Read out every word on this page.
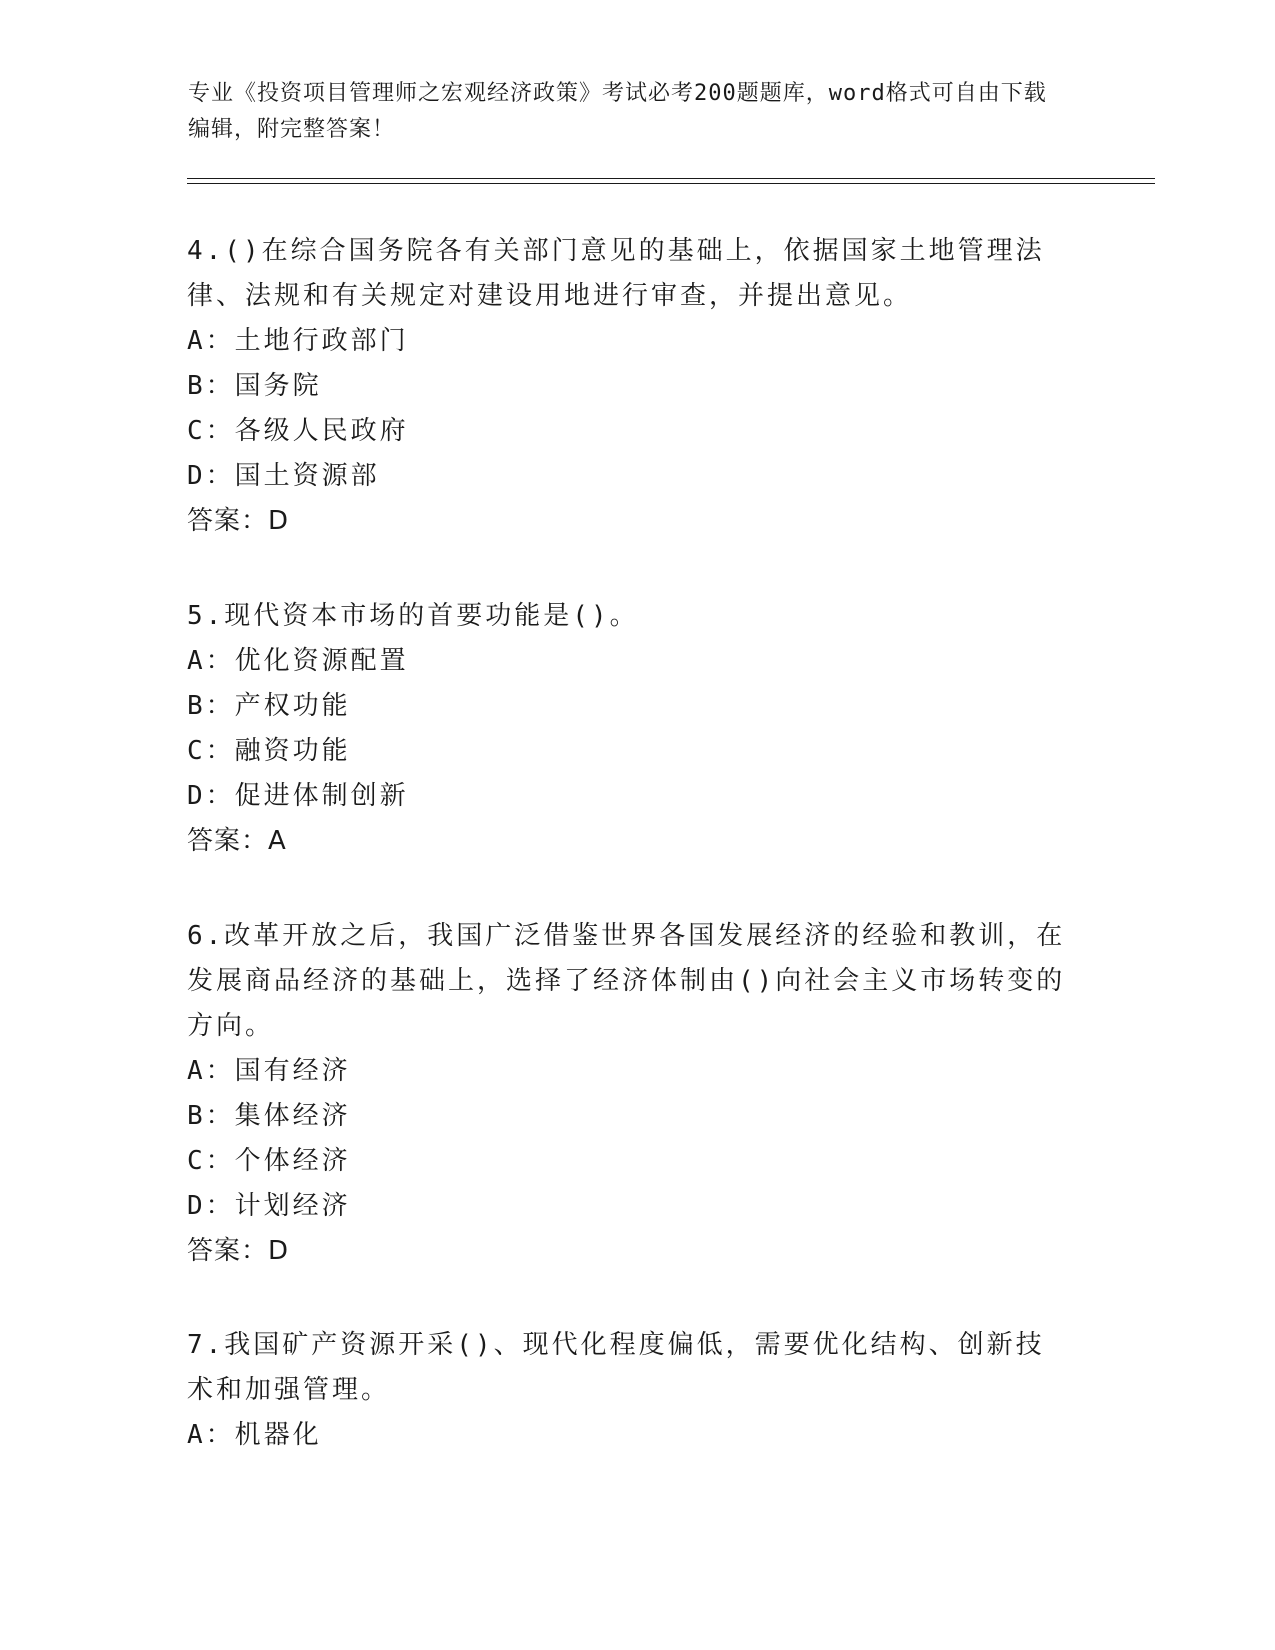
专业《投资项目管理师之宏观经济政策》考试必考200题题库，word格式可自由下载编辑，附完整答案！

4.()在综合国务院各有关部门意见的基础上，依据国家土地管理法律、法规和有关规定对建设用地进行审查，并提出意见。

A：土地行政部门

B：国务院

C：各级人民政府

D：国土资源部

答案：D

5.现代资本市场的首要功能是()。

A：优化资源配置

B：产权功能

C：融资功能

D：促进体制创新

答案：A

6.改革开放之后，我国广泛借鉴世界各国发展经济的经验和教训，在发展商品经济的基础上，选择了经济体制由()向社会主义市场转变的方向。

A：国有经济

B：集体经济

C：个体经济

D：计划经济

答案：D

7.我国矿产资源开采()、现代化程度偏低，需要优化结构、创新技术和加强管理。

A：机器化
